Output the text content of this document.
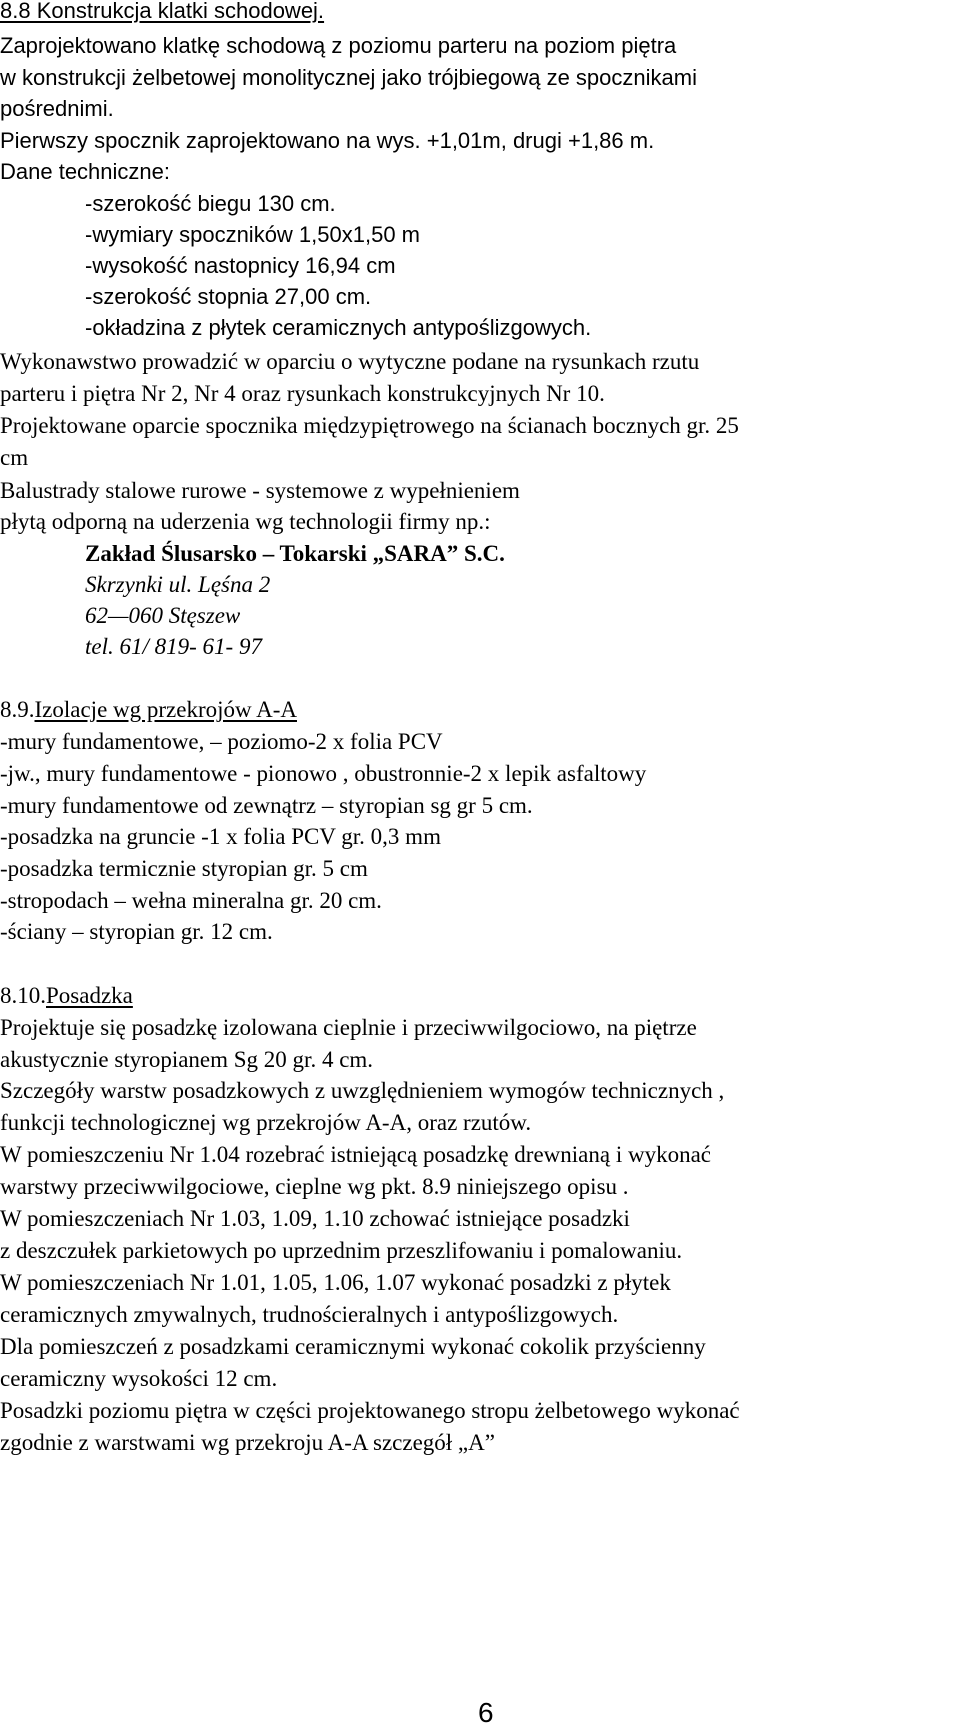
8.8 Konstrukcja klatki schodowej.
Zaprojektowano klatkę schodową z poziomu parteru na poziom piętra
w konstrukcji żelbetowej monolitycznej jako trójbiegową ze spocznikami
pośrednimi.
Pierwszy spocznik zaprojektowano na wys. +1,01m, drugi +1,86 m.
Dane techniczne:
-szerokość biegu 130 cm.
-wymiary spoczników 1,50x1,50 m
-wysokość nastopnicy 16,94 cm
-szerokość stopnia 27,00 cm.
-okładzina z płytek ceramicznych antypoślizgowych.
Wykonawstwo prowadzić w oparciu o wytyczne podane na rysunkach rzutu
parteru i piętra Nr 2, Nr 4 oraz rysunkach konstrukcyjnych Nr 10.
Projektowane oparcie spocznika międzypiętrowego na ścianach bocznych gr. 25
cm
Balustrady stalowe rurowe - systemowe z wypełnieniem
płytą odporną na uderzenia wg technologii firmy np.:
Zakład Ślusarsko – Tokarski „SARA” S.C.
Skrzynki ul. Lęśna 2
62—060 Stęszew
tel. 61/ 819- 61- 97
8.9.Izolacje wg przekrojów A-A
-mury fundamentowe, – poziomo-2 x folia PCV
-jw., mury fundamentowe - pionowo , obustronnie-2 x lepik asfaltowy
-mury fundamentowe od zewnątrz – styropian sg gr 5 cm.
-posadzka na gruncie -1 x folia PCV gr. 0,3 mm
-posadzka termicznie styropian gr. 5 cm
-stropodach – wełna mineralna gr. 20 cm.
-ściany – styropian gr. 12 cm.
8.10.Posadzka
Projektuje się posadzkę izolowana cieplnie i przeciwwilgociowo, na piętrze
akustycznie styropianem Sg 20 gr. 4 cm.
Szczegóły warstw posadzkowych z uwzględnieniem wymogów technicznych ,
funkcji technologicznej wg przekrojów A-A, oraz rzutów.
W pomieszczeniu Nr 1.04 rozebrać istniejącą posadzkę drewnianą i wykonać
warstwy przeciwwilgociowe, cieplne wg pkt. 8.9 niniejszego opisu .
W pomieszczeniach Nr 1.03, 1.09, 1.10 zchować istniejące posadzki
z deszczułek parkietowych po uprzednim przeszlifowaniu i pomalowaniu.
W pomieszczeniach Nr 1.01, 1.05, 1.06, 1.07 wykonać posadzki z płytek
ceramicznych zmywalnych, trudnościeralnych i antypoślizgowych.
Dla pomieszczeń z posadzkami ceramicznymi wykonać cokolik przyścienny
ceramiczny wysokości 12 cm.
Posadzki poziomu piętra w części projektowanego stropu żelbetowego wykonać
zgodnie z warstwami wg przekroju A-A szczegół „A”
6
